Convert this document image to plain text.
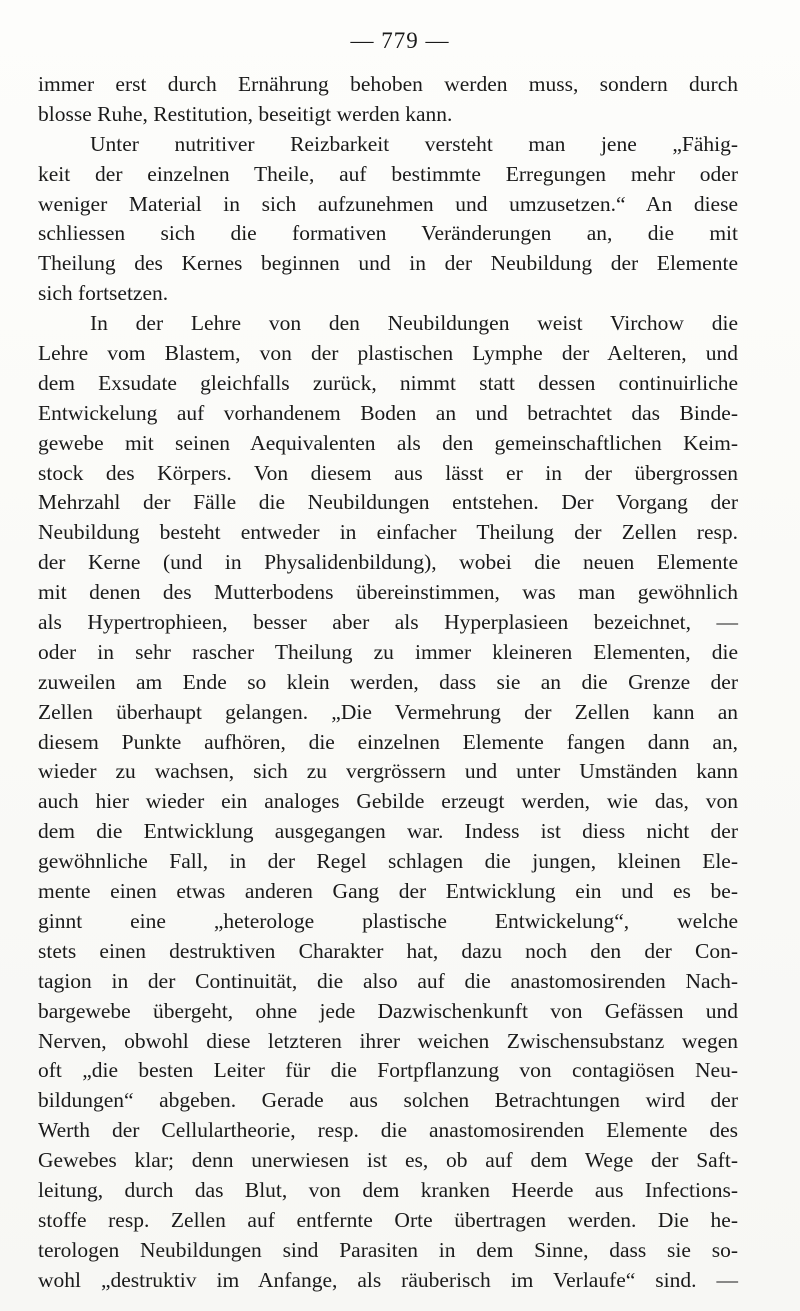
— 779 —
immer erst durch Ernährung behoben werden muss, sondern durch
blosse Ruhe, Restitution, beseitigt werden kann.
Unter nutritiver Reizbarkeit versteht man jene „Fähig-
keit der einzelnen Theile, auf bestimmte Erregungen mehr oder
weniger Material in sich aufzunehmen und umzusetzen.“ An diese
schliessen sich die formativen Veränderungen an, die mit
Theilung des Kernes beginnen und in der Neubildung der Elemente
sich fortsetzen.
In der Lehre von den Neubildungen weist Virchow die
Lehre vom Blastem, von der plastischen Lymphe der Aelteren, und
dem Exsudate gleichfalls zurück, nimmt statt dessen continuirliche
Entwickelung auf vorhandenem Boden an und betrachtet das Binde-
gewebe mit seinen Aequivalenten als den gemeinschaftlichen Keim-
stock des Körpers. Von diesem aus lässt er in der übergrossen
Mehrzahl der Fälle die Neubildungen entstehen. Der Vorgang der
Neubildung besteht entweder in einfacher Theilung der Zellen resp.
der Kerne (und in Physalidenbildung), wobei die neuen Elemente
mit denen des Mutterbodens übereinstimmen, was man gewöhnlich
als Hypertrophieen, besser aber als Hyperplasieen bezeichnet, —
oder in sehr rascher Theilung zu immer kleineren Elementen, die
zuweilen am Ende so klein werden, dass sie an die Grenze der
Zellen überhaupt gelangen. „Die Vermehrung der Zellen kann an
diesem Punkte aufhören, die einzelnen Elemente fangen dann an,
wieder zu wachsen, sich zu vergrössern und unter Umständen kann
auch hier wieder ein analoges Gebilde erzeugt werden, wie das, von
dem die Entwicklung ausgegangen war. Indess ist diess nicht der
gewöhnliche Fall, in der Regel schlagen die jungen, kleinen Ele-
mente einen etwas anderen Gang der Entwicklung ein und es be-
ginnt eine „heterologe plastische Entwickelung“, welche
stets einen destruktiven Charakter hat, dazu noch den der Con-
tagion in der Continuität, die also auf die anastomosirenden Nach-
bargewebe übergeht, ohne jede Dazwischenkunft von Gefässen und
Nerven, obwohl diese letzteren ihrer weichen Zwischensubstanz wegen
oft „die besten Leiter für die Fortpflanzung von contagiösen Neu-
bildungen“ abgeben. Gerade aus solchen Betrachtungen wird der
Werth der Cellulartheorie, resp. die anastomosirenden Elemente des
Gewebes klar; denn unerwiesen ist es, ob auf dem Wege der Saft-
leitung, durch das Blut, von dem kranken Heerde aus Infections-
stoffe resp. Zellen auf entfernte Orte übertragen werden. Die he-
terologen Neubildungen sind Parasiten in dem Sinne, dass sie so-
wohl „destruktiv im Anfange, als räuberisch im Verlaufe“ sind. —
